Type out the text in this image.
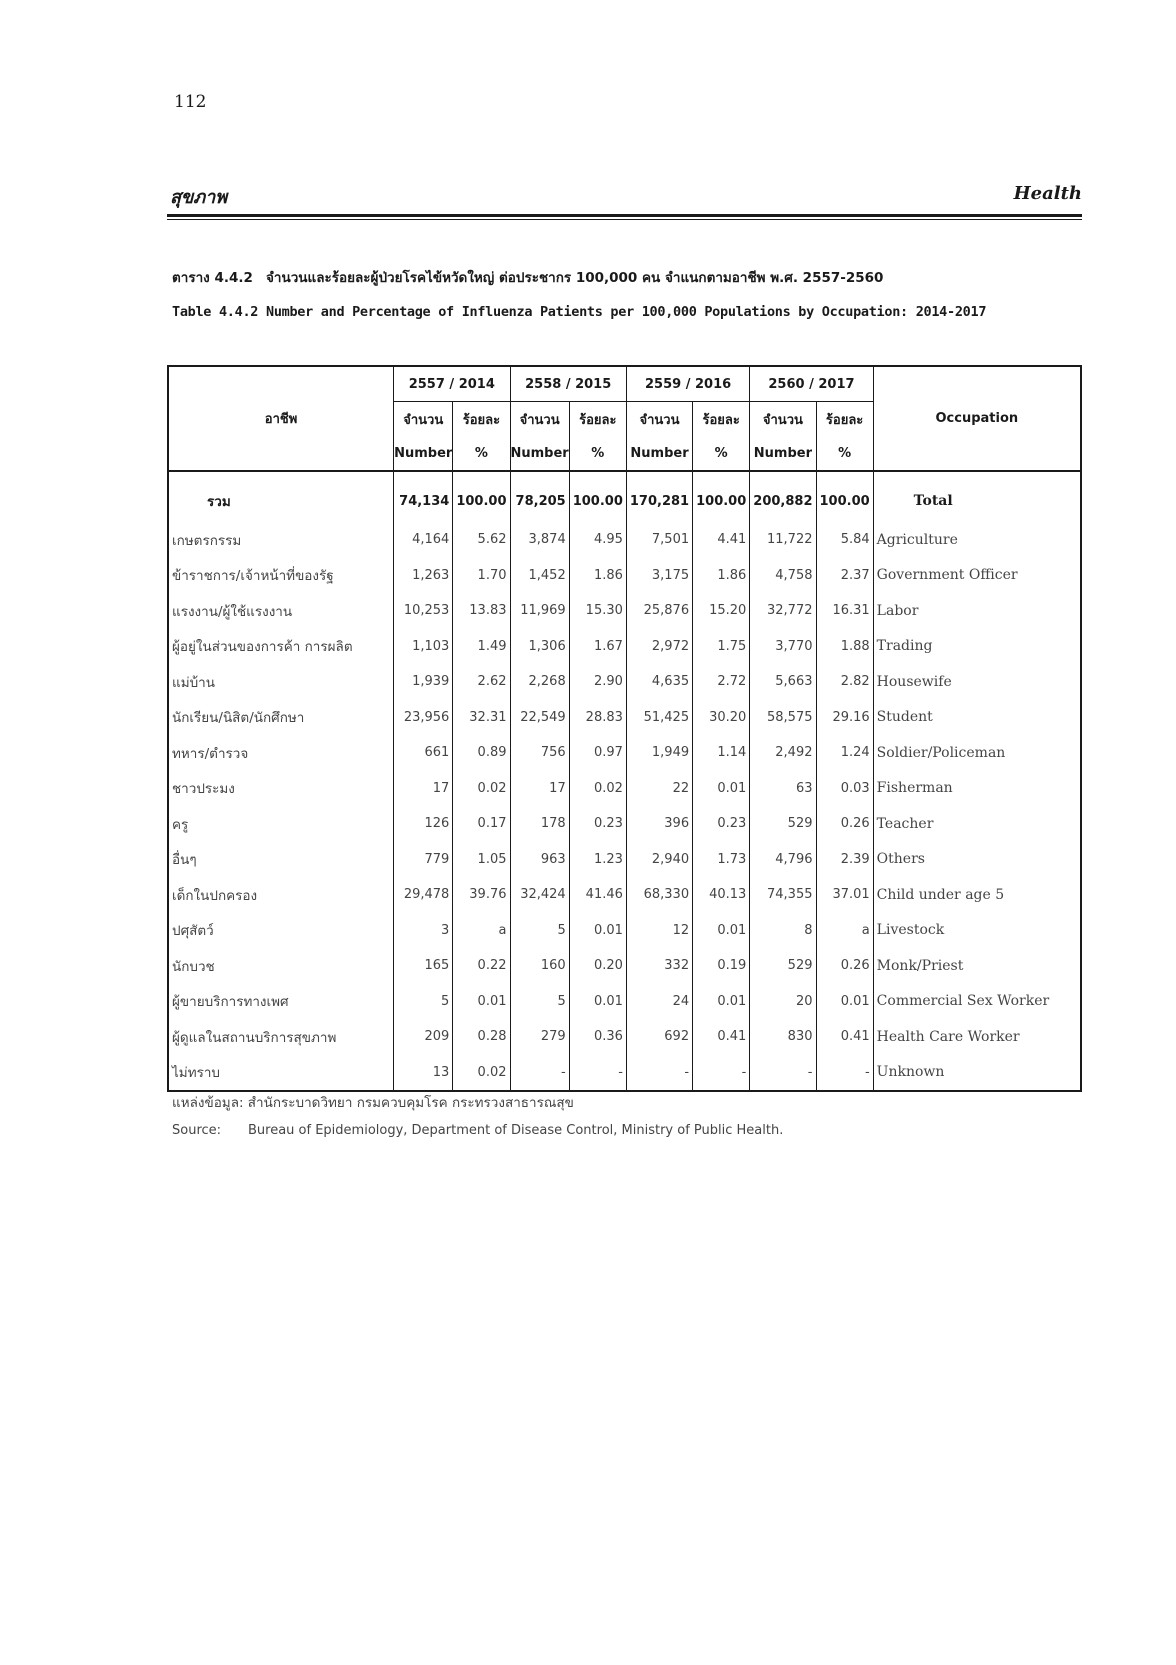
112
สุขภาพ	Health
ตาราง 4.4.2 จำนวนและร้อยละผู้ป่วยโรคไข้หวัดใหญ่ ต่อประชากร 100,000 คน จำแนกตามอาชีพ พ.ศ. 2557-2560
Table 4.4.2 Number and Percentage of Influenza Patients per 100,000 Populations by Occupation: 2014-2017
อาชีพ	2557 / 2014		2558 / 2015		2559 / 2016		2560 / 2017		Occupation
	จำนวน	ร้อยละ	จำนวน	ร้อยละ	จำนวน	ร้อยละ	จำนวน	ร้อยละ	
	Number	%	Number	%	Number	%	Number	%	
รวม	74,134	100.00	78,205	100.00	170,281	100.00	200,882	100.00	Total
เกษตรกรรม	4,164	5.62	3,874	4.95	7,501	4.41	11,722	5.84	Agriculture
ข้าราชการ/เจ้าหน้าที่ของรัฐ	1,263	1.70	1,452	1.86	3,175	1.86	4,758	2.37	Government Officer
แรงงาน/ผู้ใช้แรงงาน	10,253	13.83	11,969	15.30	25,876	15.20	32,772	16.31	Labor
ผู้อยู่ในส่วนของการค้า การผลิต	1,103	1.49	1,306	1.67	2,972	1.75	3,770	1.88	Trading
แม่บ้าน	1,939	2.62	2,268	2.90	4,635	2.72	5,663	2.82	Housewife
นักเรียน/นิสิต/นักศึกษา	23,956	32.31	22,549	28.83	51,425	30.20	58,575	29.16	Student
ทหาร/ตำรวจ	661	0.89	756	0.97	1,949	1.14	2,492	1.24	Soldier/Policeman
ชาวประมง	17	0.02	17	0.02	22	0.01	63	0.03	Fisherman
ครู	126	0.17	178	0.23	396	0.23	529	0.26	Teacher
อื่นๆ	779	1.05	963	1.23	2,940	1.73	4,796	2.39	Others
เด็กในปกครอง	29,478	39.76	32,424	41.46	68,330	40.13	74,355	37.01	Child under age 5
ปศุสัตว์	3	a	5	0.01	12	0.01	8	a	Livestock
นักบวช	165	0.22	160	0.20	332	0.19	529	0.26	Monk/Priest
ผู้ขายบริการทางเพศ	5	0.01	5	0.01	24	0.01	20	0.01	Commercial Sex Worker
ผู้ดูแลในสถานบริการสุขภาพ	209	0.28	279	0.36	692	0.41	830	0.41	Health Care Worker
ไม่ทราบ	13	0.02	-	-	-	-	-	-	Unknown
แหล่งข้อมูล: สำนักระบาดวิทยา กรมควบคุมโรค กระทรวงสาธารณสุข
Source: Bureau of Epidemiology, Department of Disease Control, Ministry of Public Health.
